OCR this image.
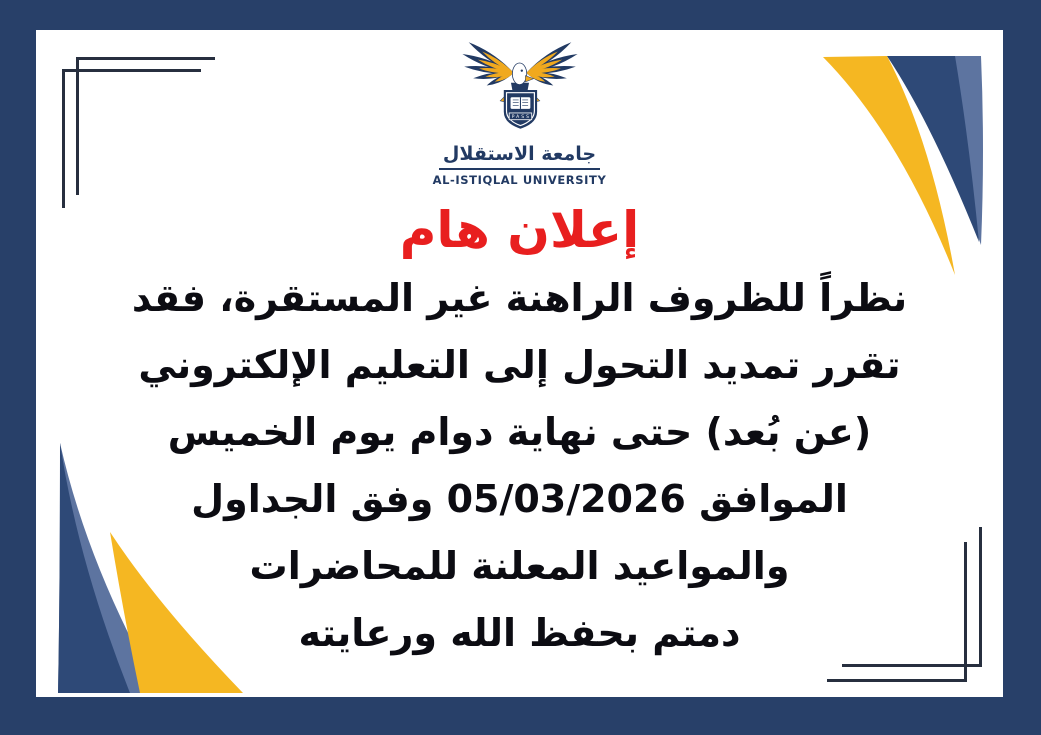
PASS
جامعة الاستقلال
AL-ISTIQLAL UNIVERSITY
إعلان هام
نظراً للظروف الراهنة غير المستقرة، فقد
تقرر تمديد التحول إلى التعليم الإلكتروني
(عن بُعد) حتى نهاية دوام يوم الخميس
الموافق 05/03/2026 وفق الجداول
والمواعيد المعلنة للمحاضرات
دمتم بحفظ الله ورعايته
